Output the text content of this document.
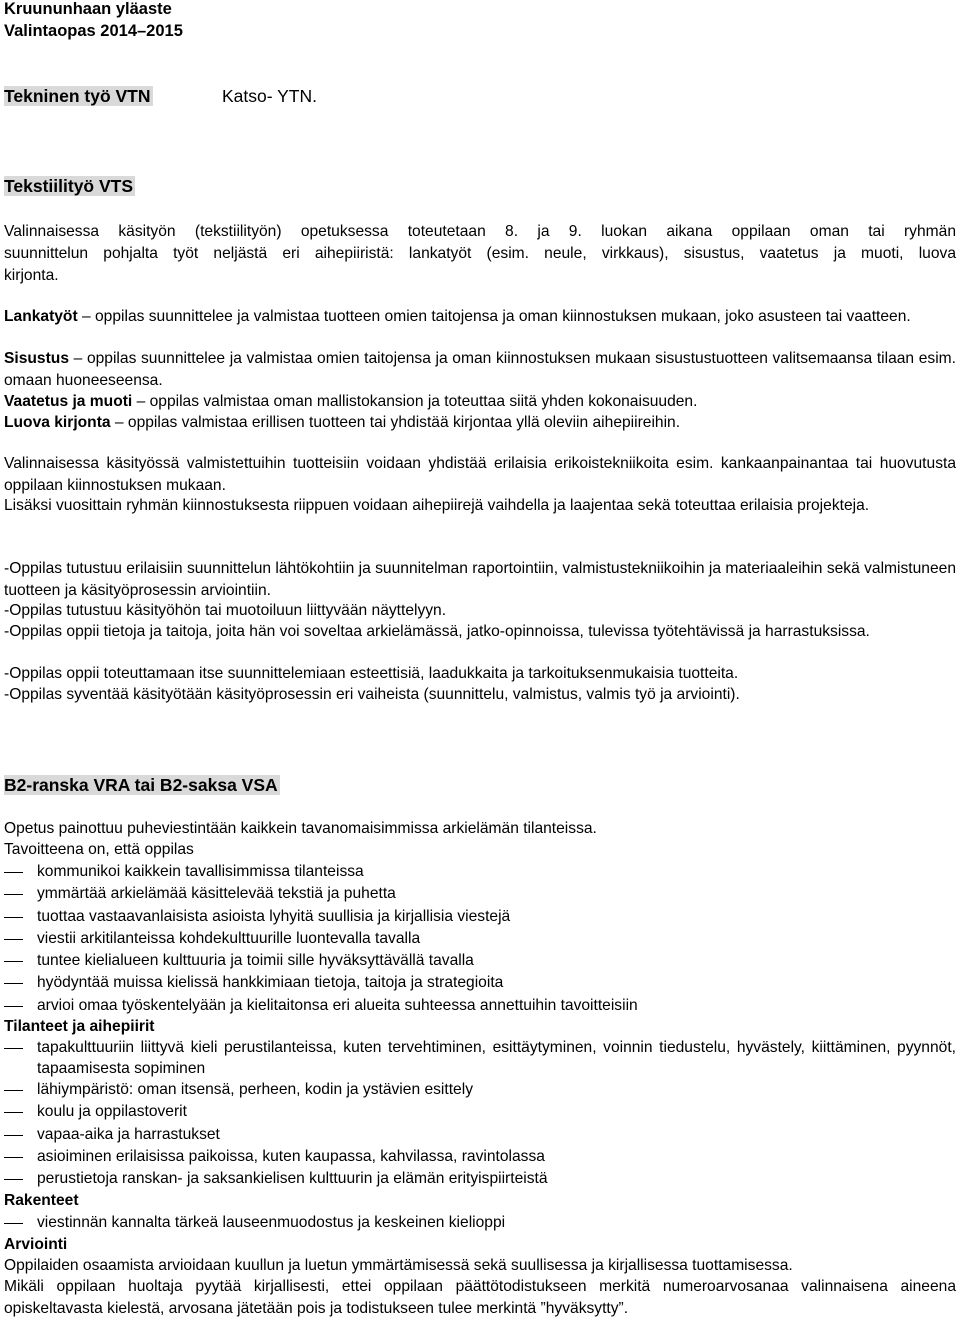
Kruununhaan yläaste

Valintaopas 2014–2015

Tekninen työ VTN	Katso- YTN.
Tekstiilityö VTS

Valinnaisessa käsityön (tekstiilityön) opetuksessa toteutetaan 8. ja 9. luokan aikana oppilaan oman tai ryhmän

suunnittelun pohjalta työt neljästä eri aihepiiristä: lankatyöt (esim. neule, virkkaus), sisustus, vaatetus ja muoti, luova

kirjonta.

Lankatyöt – oppilas suunnittelee ja valmistaa tuotteen omien taitojensa ja oman kiinnostuksen mukaan, joko asusteen tai vaatteen.

Sisustus – oppilas suunnittelee ja valmistaa omien taitojensa ja oman kiinnostuksen mukaan sisustustuotteen valitsemaansa tilaan esim. omaan huoneeseensa.

Vaatetus ja muoti – oppilas valmistaa oman mallistokansion ja toteuttaa siitä yhden kokonaisuuden.

Luova kirjonta – oppilas valmistaa erillisen tuotteen tai yhdistää kirjontaa yllä oleviin aihepiireihin.

Valinnaisessa käsityössä valmistettuihin tuotteisiin voidaan yhdistää erilaisia erikoistekniikoita esim. kankaanpainantaa tai huovutusta oppilaan kiinnostuksen mukaan.

Lisäksi vuosittain ryhmän kiinnostuksesta riippuen voidaan aihepiirejä vaihdella ja laajentaa sekä toteuttaa erilaisia projekteja.

-Oppilas tutustuu erilaisiin suunnittelun lähtökohtiin ja suunnitelman raportointiin, valmistustekniikoihin ja materiaaleihin sekä valmistuneen tuotteen ja käsityöprosessin arviointiin.

-Oppilas tutustuu käsityöhön tai muotoiluun liittyvään näyttelyyn.

-Oppilas oppii tietoja ja taitoja, joita hän voi soveltaa arkielämässä, jatko-opinnoissa, tulevissa työtehtävissä ja harrastuksissa.

-Oppilas oppii toteuttamaan itse suunnittelemiaan esteettisiä, laadukkaita ja tarkoituksenmukaisia tuotteita.

-Oppilas syventää käsityötään käsityöprosessin eri vaiheista (suunnittelu, valmistus, valmis työ ja arviointi).

B2-ranska VRA tai B2-saksa VSA

Opetus painottuu puheviestintään kaikkein tavanomaisimmissa arkielämän tilanteissa.

Tavoitteena on, että oppilas

kommunikoi kaikkein tavallisimmissa tilanteissa
ymmärtää arkielämää käsittelevää tekstiä ja puhetta
tuottaa vastaavanlaisista asioista lyhyitä suullisia ja kirjallisia viestejä
viestii arkitilanteissa kohdekulttuurille luontevalla tavalla
tuntee kielialueen kulttuuria ja toimii sille hyväksyttävällä tavalla
hyödyntää muissa kielissä hankkimiaan tietoja, taitoja ja strategioita
arvioi omaa työskentelyään ja kielitaitonsa eri alueita suhteessa annettuihin tavoitteisiin

Tilanteet ja aihepiirit

tapakulttuuriin liittyvä kieli perustilanteissa, kuten tervehtiminen, esittäytyminen, voinnin tiedustelu, hyvästely, kiittäminen, pyynnöt, tapaamisesta sopiminen
lähiympäristö: oman itsensä, perheen, kodin ja ystävien esittely
koulu ja oppilastoverit
vapaa-aika ja harrastukset
asioiminen erilaisissa paikoissa, kuten kaupassa, kahvilassa, ravintolassa
perustietoja ranskan- ja saksankielisen kulttuurin ja elämän erityispiirteistä

Rakenteet

viestinnän kannalta tärkeä lauseenmuodostus ja keskeinen kielioppi

Arviointi

Oppilaiden osaamista arvioidaan kuullun ja luetun ymmärtämisessä sekä suullisessa ja kirjallisessa tuottamisessa.

Mikäli oppilaan huoltaja pyytää kirjallisesti, ettei oppilaan päättötodistukseen merkitä numeroarvosanaa valinnaisena aineena opiskeltavasta kielestä, arvosana jätetään pois ja todistukseen tulee merkintä ”hyväksytty”.
